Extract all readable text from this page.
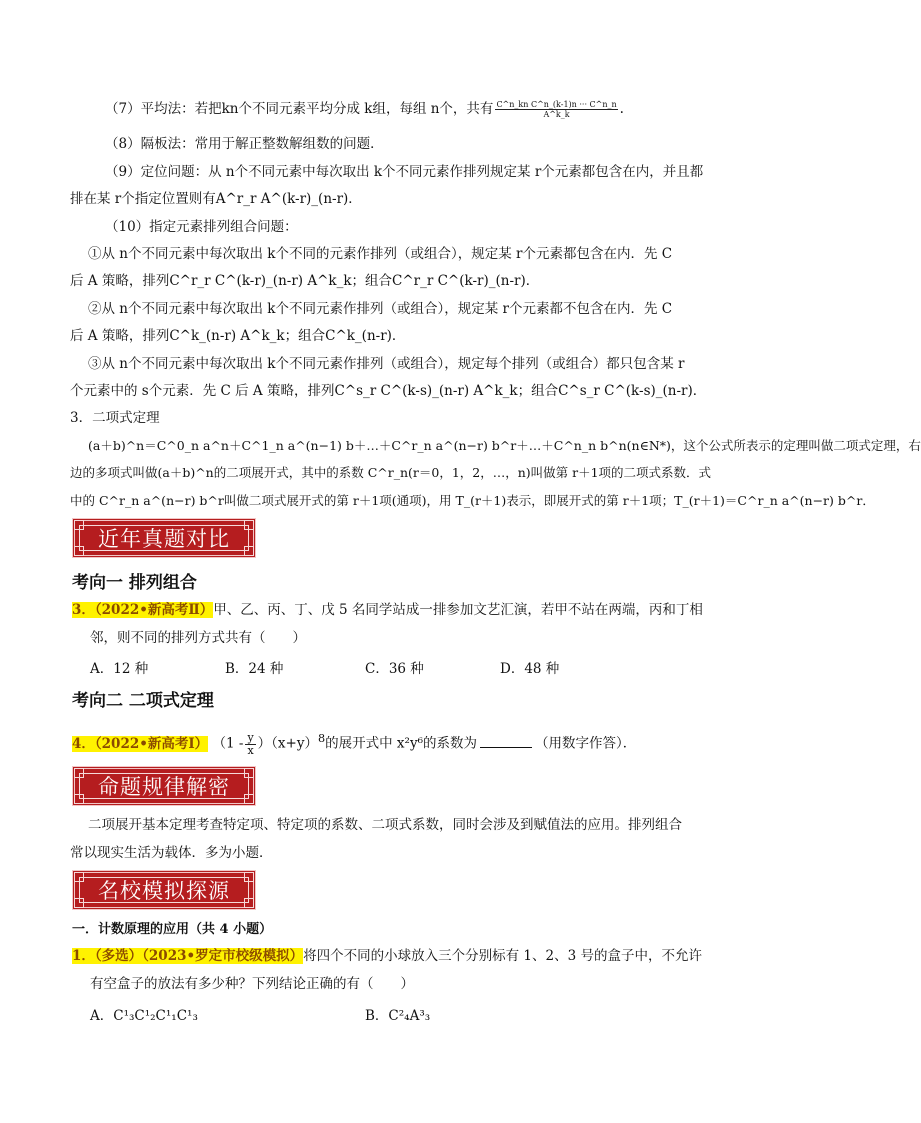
（7）平均法：若把kn个不同元素平均分成 k组，每组 n个，共有 $\frac{\text{C\textasciicircum{}n\_kn C\textasciicircum{}n\_(k-1)n ··· C\textasciicircum{}n\_n}}{A\^{}k\_k}$ .
（8）隔板法：常用于解正整数解组数的问题．
（9）定位问题：从 n个不同元素中每次取出 k个不同元素作排列规定某 r个元素都包含在内，并且都
排在某 r个指定位置则有A^r_r A^(k-r)_(n-r)．
（10）指定元素排列组合问题：
①从 n个不同元素中每次取出 k个不同的元素作排列（或组合），规定某 r个元素都包含在内．先 C
后 A 策略，排列C^r_r C^(k-r)_(n-r) A^k_k；组合C^r_r C^(k-r)_(n-r)．
②从 n个不同元素中每次取出 k个不同元素作排列（或组合），规定某 r个元素都不包含在内．先 C
后 A 策略，排列C^k_(n-r) A^k_k；组合C^k_(n-r)．
③从 n个不同元素中每次取出 k个不同元素作排列（或组合），规定每个排列（或组合）都只包含某 r
个元素中的 s个元素．先 C 后 A 策略，排列C^s_r C^(k-s)_(n-r) A^k_k；组合C^s_r C^(k-s)_(n-r)．
3．二项式定理
(a＋b)^n＝C^0_n a^n＋C^1_n a^(n−1) b＋…＋C^r_n a^(n−r) b^r＋…＋C^n_n b^n(n∈N*)，这个公式所表示的定理叫做二项式定理，右
边的多项式叫做(a＋b)^n的二项展开式，其中的系数 C^r_n(r＝0，1，2，…，n)叫做第 r＋1项的二项式系数．式
中的 C^r_n a^(n−r) b^r叫做二项式展开式的第 r＋1项(通项)，用 T_(r＋1)表示，即展开式的第 r＋1项；T_(r＋1)＝C^r_n a^(n−r) b^r．
近年真题对比
考向一 排列组合
3．（2022•新高考Ⅱ）甲、乙、丙、丁、戊 5 名同学站成一排参加文艺汇演，若甲不站在两端，丙和丁相
邻，则不同的排列方式共有（　　）
A．12 种	B．24 种	C．36 种	D．48 种
考向二 二项式定理
4．（2022•新高考Ⅰ） $(1 - \frac{y}{x} )(x+y)^8$的展开式中 x²y⁶的系数为	（用数字作答）．
命题规律解密
二项展开基本定理考查特定项、特定项的系数、二项式系数，同时会涉及到赋值法的应用。排列组合
常以现实生活为载体．多为小题．
名校模拟探源
一．计数原理的应用（共 4 小题）
1．（多选）（2023•罗定市校级模拟）将四个不同的小球放入三个分别标有 1、2、3 号的盒子中，不允许
有空盒子的放法有多少种？下列结论正确的有（　　）
A．C¹₃C¹₂C¹₁C¹₃	B．C²₄A³₃
